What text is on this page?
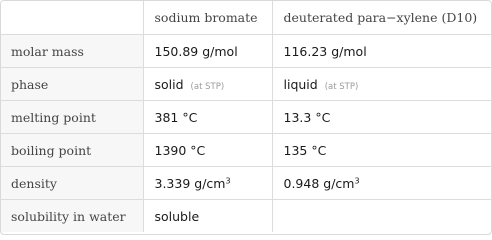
	sodium bromate	deuterated para−xylene (D10)
molar mass	150.89 g/mol	116.23 g/mol
phase	solid (at STP)	liquid (at STP)
melting point	381 °C	13.3 °C
boiling point	1390 °C	135 °C
density	3.339 $g/cm^3$	0.948 $g/cm^3$
solubility in water	soluble	
